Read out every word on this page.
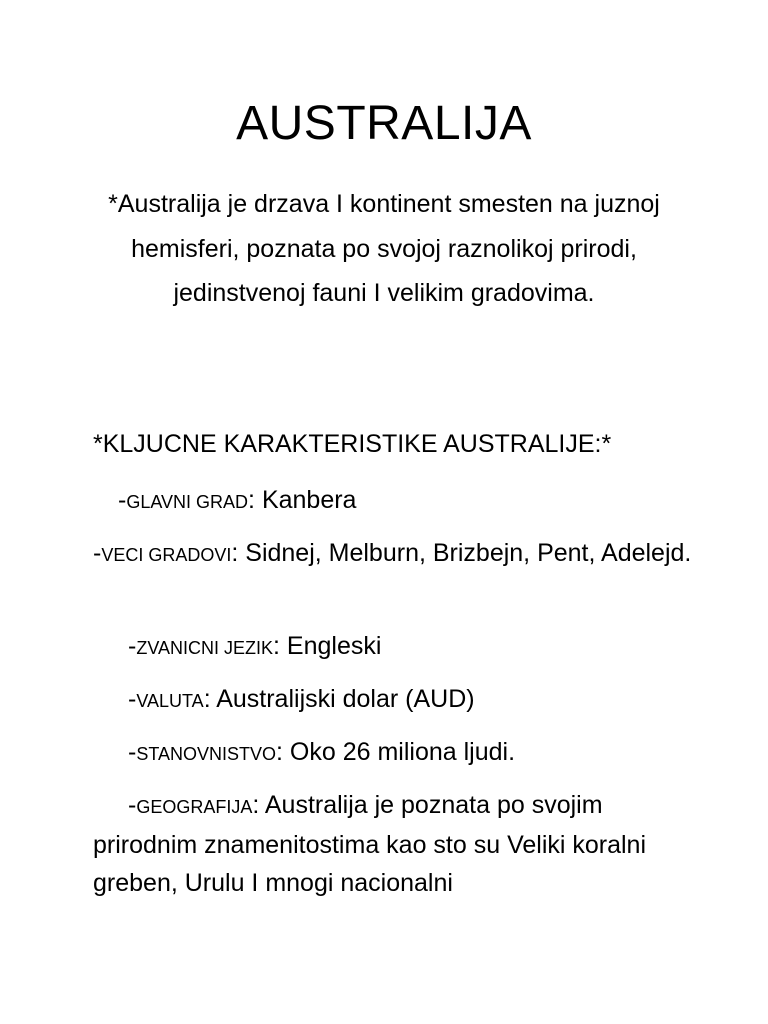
AUSTRALIJA

*Australija je drzava I kontinent smesten na juznoj hemisferi, poznata po svojoj raznolikoj prirodi, jedinstvenoj fauni I velikim gradovima.

*KLJUCNE KARAKTERISTIKE AUSTRALIJE:*
-GLAVNI GRAD: Kanbera
-VECI GRADOVI: Sidnej, Melburn, Brizbejn, Pent, Adelejd.
-ZVANICNI JEZIK: Engleski
-VALUTA: Australijski dolar (AUD)
-STANOVNISTVO: Oko 26 miliona ljudi.
-GEOGRAFIJA: Australija je poznata po svojim prirodnim znamenitostima kao sto su Veliki koralni greben, Urulu I mnogi nacionalni
